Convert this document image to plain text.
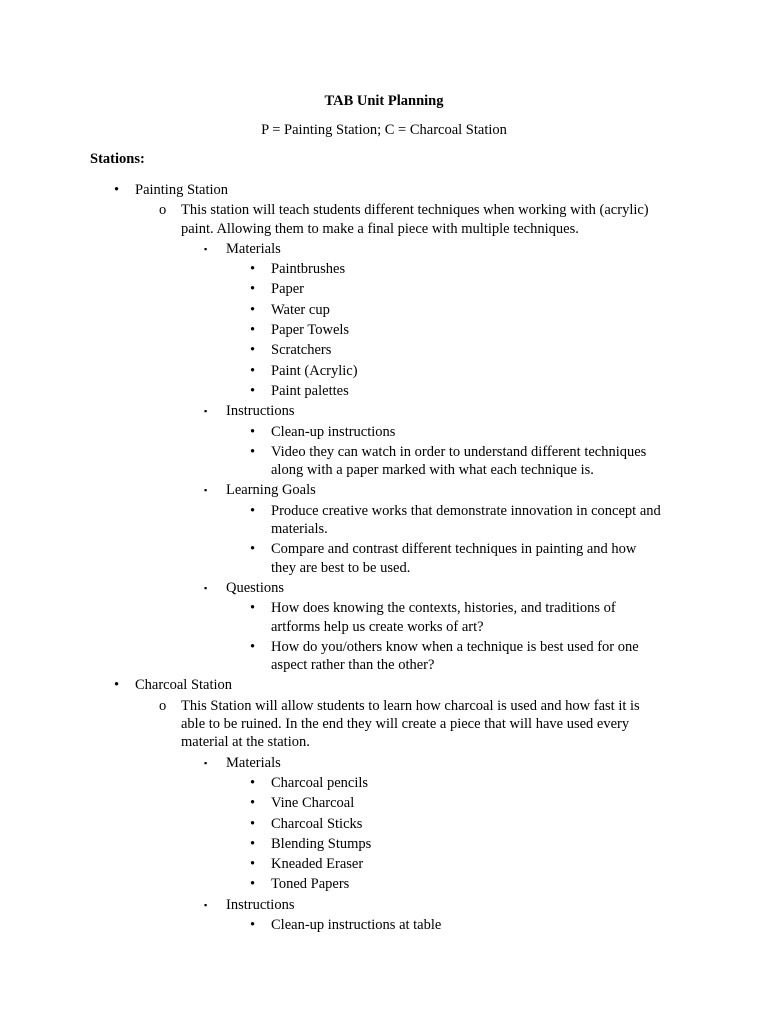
TAB Unit Planning
P = Painting Station; C = Charcoal Station
Stations:
• Painting Station
o This station will teach students different techniques when working with (acrylic)
paint. Allowing them to make a final piece with multiple techniques.
▪ Materials
• Paintbrushes
• Paper
• Water cup
• Paper Towels
• Scratchers
• Paint (Acrylic)
• Paint palettes
▪ Instructions
• Clean-up instructions
• Video they can watch in order to understand different techniques
along with a paper marked with what each technique is.
▪ Learning Goals
• Produce creative works that demonstrate innovation in concept and
materials.
• Compare and contrast different techniques in painting and how
they are best to be used.
▪ Questions
• How does knowing the contexts, histories, and traditions of
artforms help us create works of art?
• How do you/others know when a technique is best used for one
aspect rather than the other?
• Charcoal Station
o This Station will allow students to learn how charcoal is used and how fast it is
able to be ruined. In the end they will create a piece that will have used every
material at the station.
▪ Materials
• Charcoal pencils
• Vine Charcoal
• Charcoal Sticks
• Blending Stumps
• Kneaded Eraser
• Toned Papers
▪ Instructions
• Clean-up instructions at table
